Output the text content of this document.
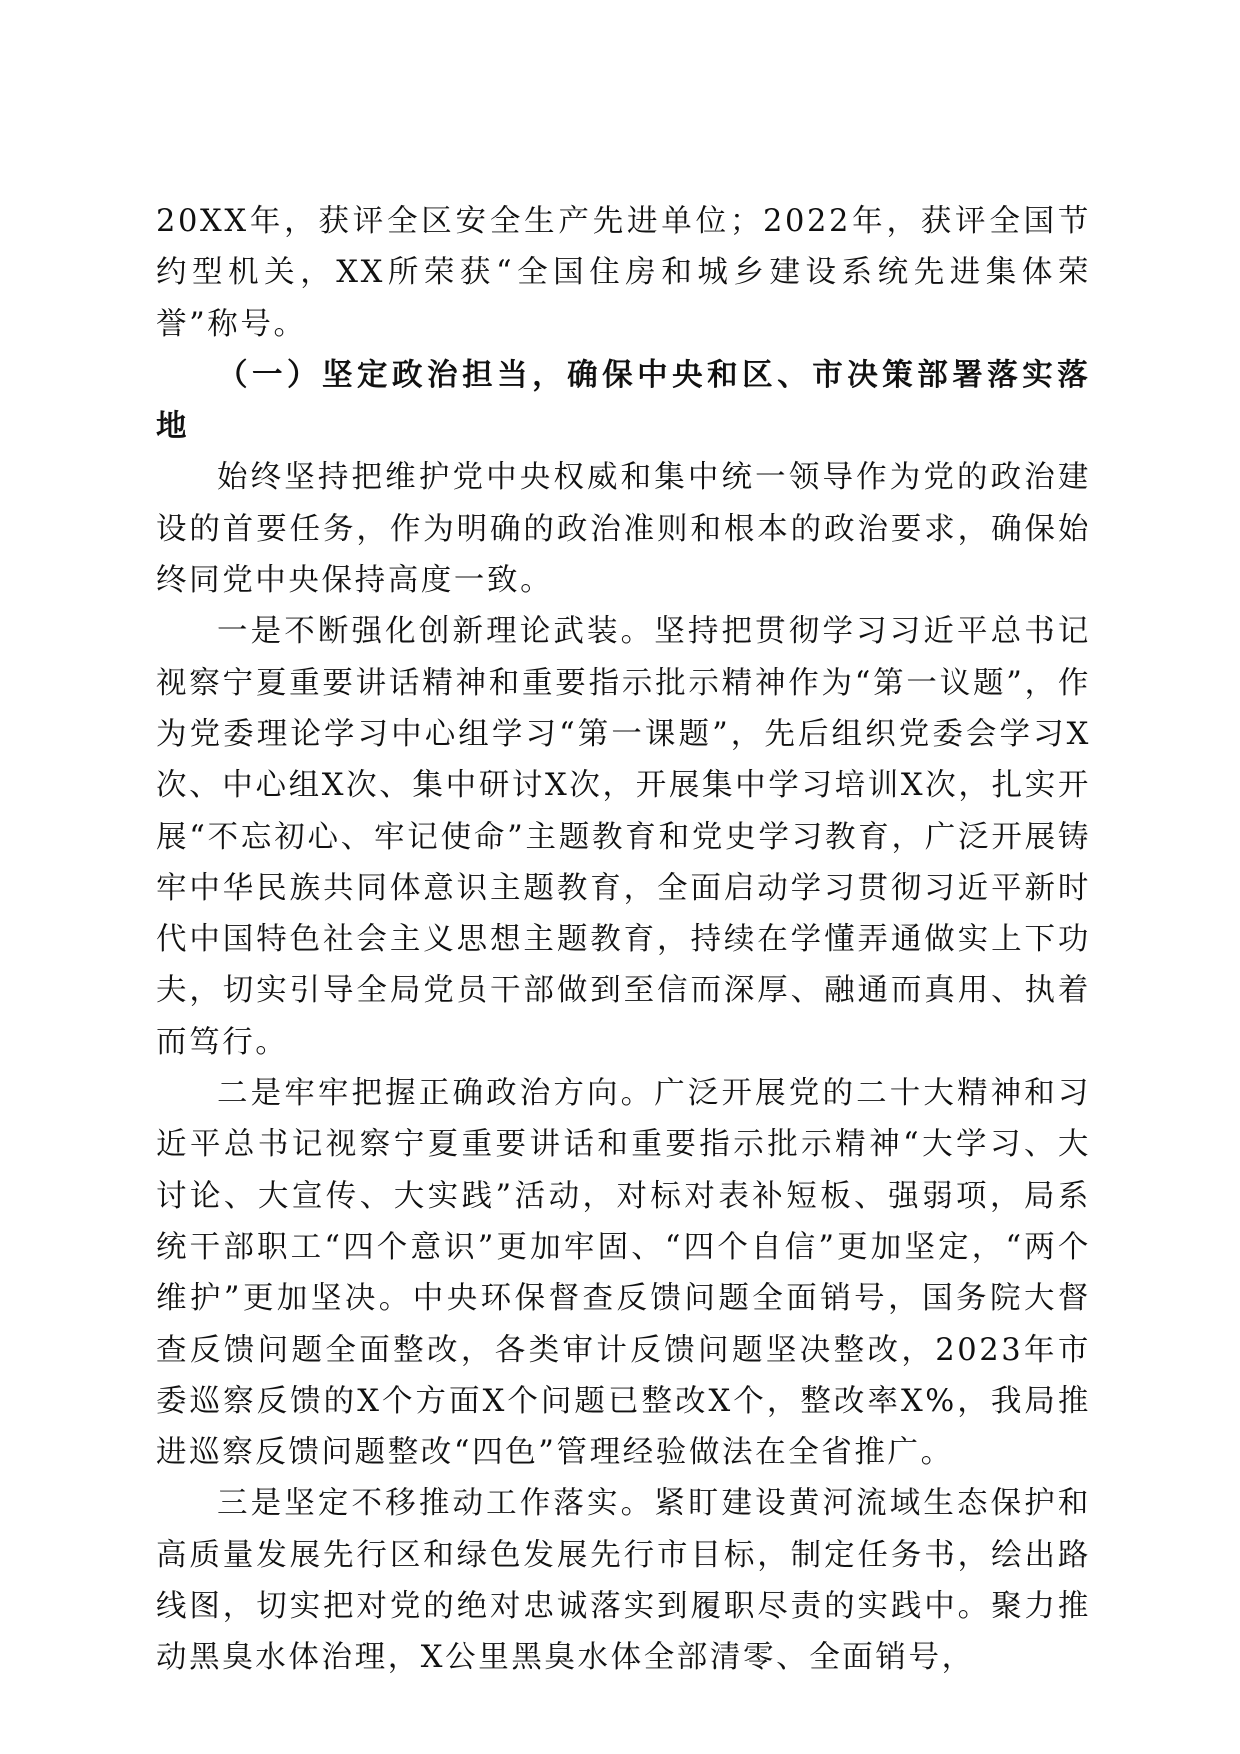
20XX年，获评全区安全生产先进单位；2022年，获评全国节约型机关，XX所荣获“全国住房和城乡建设系统先进集体荣誉”称号。

（一）坚定政治担当，确保中央和区、市决策部署落实落地

始终坚持把维护党中央权威和集中统一领导作为党的政治建设的首要任务，作为明确的政治准则和根本的政治要求，确保始终同党中央保持高度一致。

一是不断强化创新理论武装。坚持把贯彻学习习近平总书记视察宁夏重要讲话精神和重要指示批示精神作为“第一议题”，作为党委理论学习中心组学习“第一课题”，先后组织党委会学习X次、中心组X次、集中研讨X次，开展集中学习培训X次，扎实开展“不忘初心、牢记使命”主题教育和党史学习教育，广泛开展铸牢中华民族共同体意识主题教育，全面启动学习贯彻习近平新时代中国特色社会主义思想主题教育，持续在学懂弄通做实上下功夫，切实引导全局党员干部做到至信而深厚、融通而真用、执着而笃行。

二是牢牢把握正确政治方向。广泛开展党的二十大精神和习近平总书记视察宁夏重要讲话和重要指示批示精神“大学习、大讨论、大宣传、大实践”活动，对标对表补短板、强弱项，局系统干部职工“四个意识”更加牢固、“四个自信”更加坚定，“两个维护”更加坚决。中央环保督查反馈问题全面销号，国务院大督查反馈问题全面整改，各类审计反馈问题坚决整改，2023年市委巡察反馈的X个方面X个问题已整改X个，整改率X%，我局推进巡察反馈问题整改“四色”管理经验做法在全省推广。

三是坚定不移推动工作落实。紧盯建设黄河流域生态保护和高质量发展先行区和绿色发展先行市目标，制定任务书，绘出路线图，切实把对党的绝对忠诚落实到履职尽责的实践中。聚力推动黑臭水体治理，X公里黑臭水体全部清零、全面销号，
